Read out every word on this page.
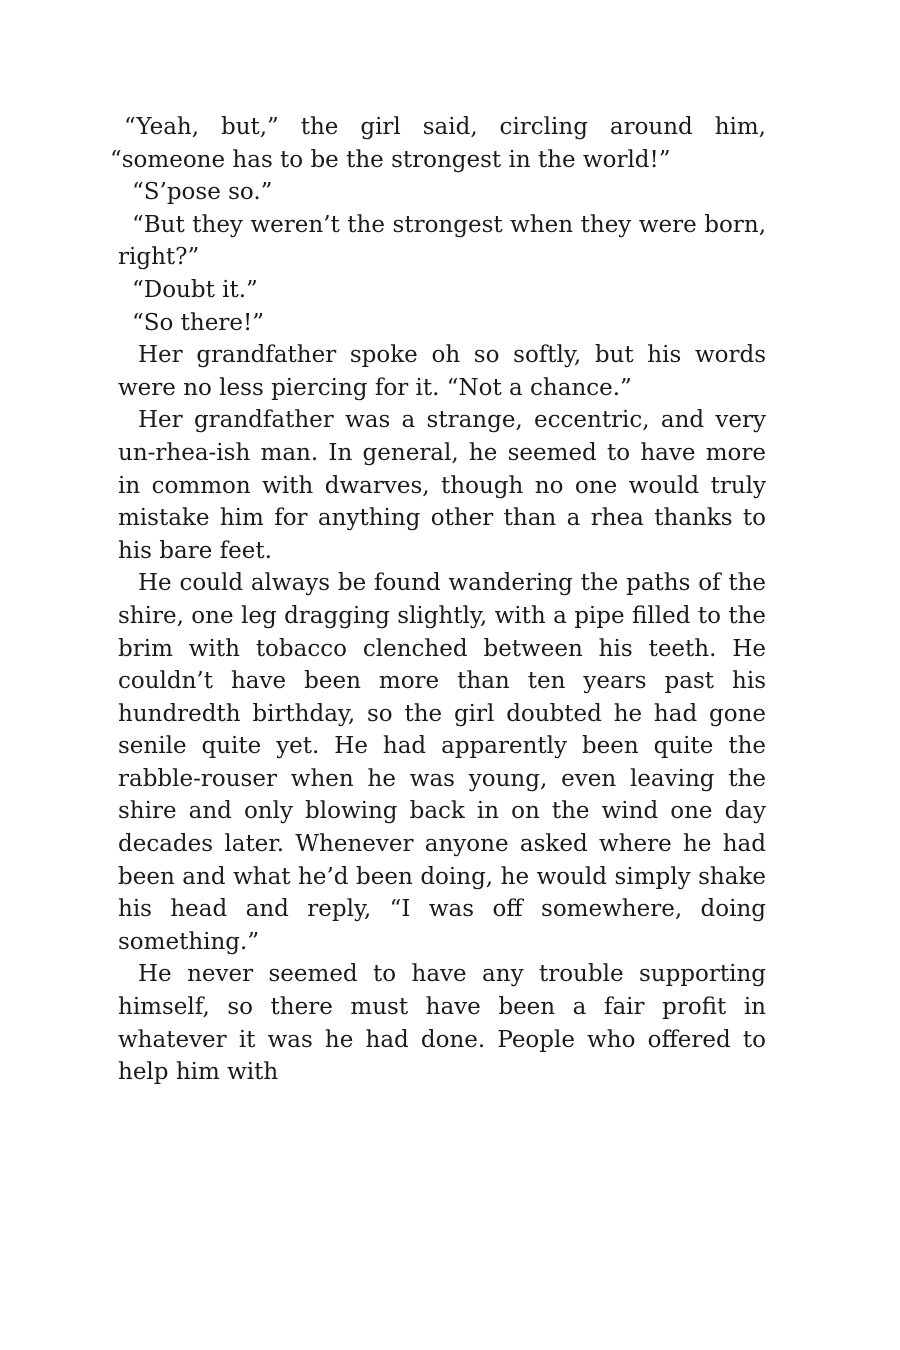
“Yeah, but,” the girl said, circling around him, “someone has to be the strongest in the world!”

“S’pose so.”

“But they weren’t the strongest when they were born, right?”

“Doubt it.”

“So there!”

Her grandfather spoke oh so softly, but his words were no less piercing for it. “Not a chance.”

Her grandfather was a strange, eccentric, and very un-rhea-ish man. In general, he seemed to have more in common with dwarves, though no one would truly mistake him for anything other than a rhea thanks to his bare feet.

He could always be found wandering the paths of the shire, one leg dragging slightly, with a pipe filled to the brim with tobacco clenched between his teeth. He couldn’t have been more than ten years past his hundredth birthday, so the girl doubted he had gone senile quite yet. He had apparently been quite the rabble-rouser when he was young, even leaving the shire and only blowing back in on the wind one day decades later. Whenever anyone asked where he had been and what he’d been doing, he would simply shake his head and reply, “I was off somewhere, doing something.”

He never seemed to have any trouble supporting himself, so there must have been a fair profit in whatever it was he had done. People who offered to help him with
